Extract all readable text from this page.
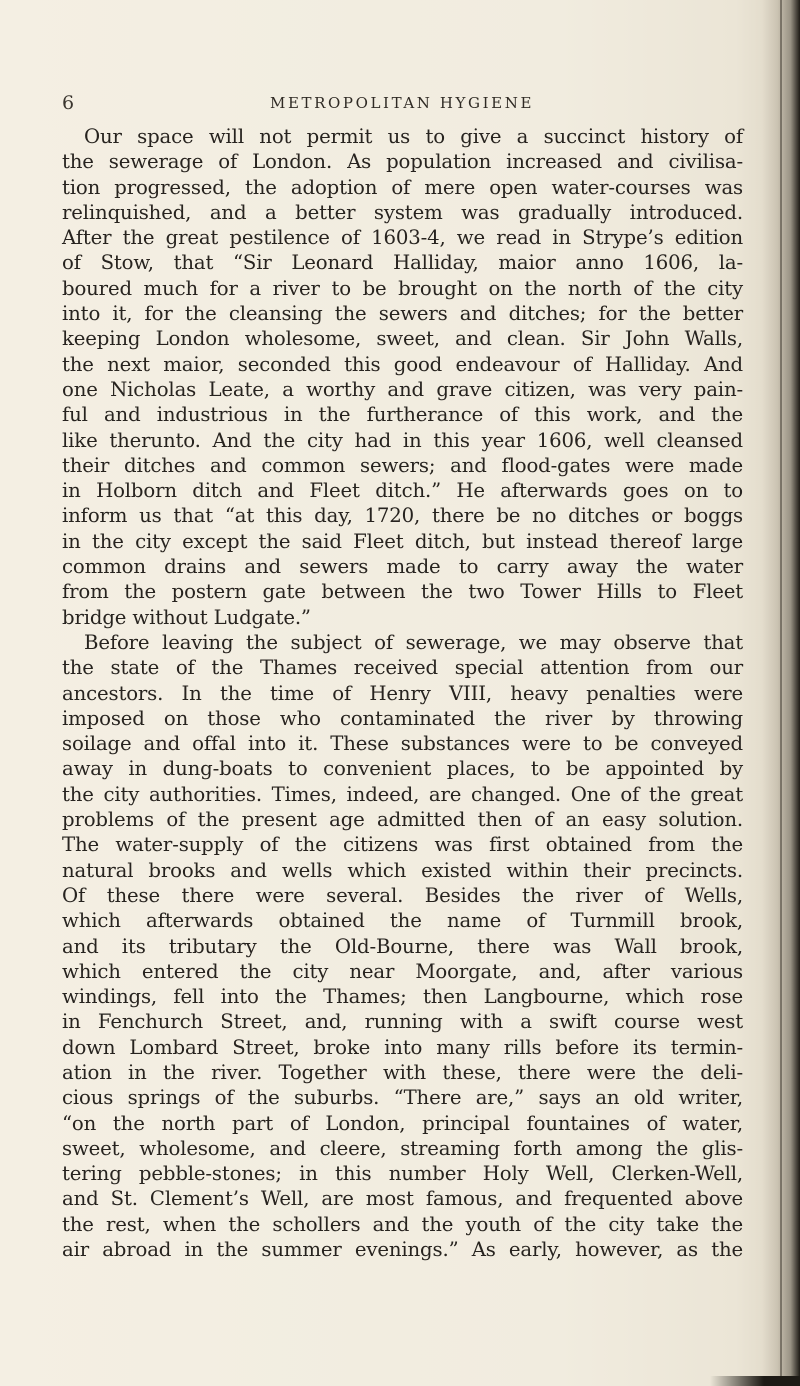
6	METROPOLITAN HYGIENE
Our space will not permit us to give a succinct history of
the sewerage of London. As population increased and civilisa-
tion progressed, the adoption of mere open water-courses was
relinquished, and a better system was gradually introduced.
After the great pestilence of 1603-4, we read in Strype’s edition
of Stow, that “Sir Leonard Halliday, maior anno 1606, la-
boured much for a river to be brought on the north of the city
into it, for the cleansing the sewers and ditches; for the better
keeping London wholesome, sweet, and clean. Sir John Walls,
the next maior, seconded this good endeavour of Halliday. And
one Nicholas Leate, a worthy and grave citizen, was very pain-
ful and industrious in the furtherance of this work, and the
like therunto. And the city had in this year 1606, well cleansed
their ditches and common sewers; and flood-gates were made
in Holborn ditch and Fleet ditch.” He afterwards goes on to
inform us that “at this day, 1720, there be no ditches or boggs
in the city except the said Fleet ditch, but instead thereof large
common drains and sewers made to carry away the water
from the postern gate between the two Tower Hills to Fleet
bridge without Ludgate.”
Before leaving the subject of sewerage, we may observe that
the state of the Thames received special attention from our
ancestors. In the time of Henry VIII, heavy penalties were
imposed on those who contaminated the river by throwing
soilage and offal into it. These substances were to be conveyed
away in dung-boats to convenient places, to be appointed by
the city authorities. Times, indeed, are changed. One of the great
problems of the present age admitted then of an easy solution.
The water-supply of the citizens was first obtained from the
natural brooks and wells which existed within their precincts.
Of these there were several. Besides the river of Wells,
which afterwards obtained the name of Turnmill brook,
and its tributary the Old-Bourne, there was Wall brook,
which entered the city near Moorgate, and, after various
windings, fell into the Thames; then Langbourne, which rose
in Fenchurch Street, and, running with a swift course west
down Lombard Street, broke into many rills before its termin-
ation in the river. Together with these, there were the deli-
cious springs of the suburbs. “There are,” says an old writer,
“on the north part of London, principal fountaines of water,
sweet, wholesome, and cleere, streaming forth among the glis-
tering pebble-stones; in this number Holy Well, Clerken-Well,
and St. Clement’s Well, are most famous, and frequented above
the rest, when the schollers and the youth of the city take the
air abroad in the summer evenings.” As early, however, as the
